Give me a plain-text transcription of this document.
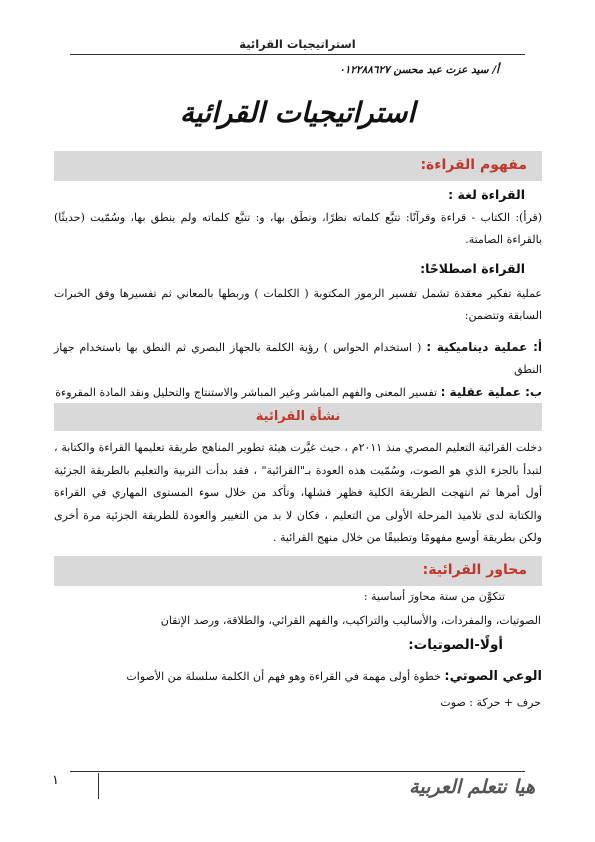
استراتيجيات القرائية
أ/ سيد عزت عبد محسن ٠١٢٢٨٨٦٢٧
استراتيجيات القرائية
مفهوم القراءة:
القراءة لغة :
(قرأ): الكتاب - قراءة وقرآنًا: تتبَّع كلماته نظرًا، ونطَق بها، و: تتبَّع كلماته ولم ينطق بها، وسُمّيت (حديثًا) بالقراءة الصامتة.
القراءة اصطلاحًا:
عملية تفكير معقدة تشمل تفسير الرموز المكتوبة ( الكلمات ) وربطها بالمعاني ثم تفسيرها وفق الخبرات السابقة وتتضمن:
أ: عملية ديناميكية : ( استخدام الحواس ) رؤية الكلمة بالجهاز البصري ثم النطق بها باستخدام جهاز النطق
ب: عملية عقلية : تفسير المعنى والفهم المباشر وغير المباشر والاستنتاج والتحليل ونقد المادة المقروءة
نشأة القرائية
دخلت القرائية التعليم المصري منذ ٢٠١١م ، حيث غيَّرت هيئة تطوير المناهج طريقة تعليمها القراءة والكتابة ، لتبدأ بالجزء الذي هو الصوت، وسُمّيت هذه العودة بـ"القرائية" ، فقد بدأت التربية والتعليم بالطريقة الجزئية أول أمرها ثم انتهجت الطريقة الكلية فظهر فشلها، وتأكد من خلال سوء المستوى المهاري في القراءة والكتابة لدى تلاميذ المرحلة الأولى من التعليم ، فكان لا بد من التغيير والعودة للطريقة الجزئية مرة أخرى ولكن بطريقة أوسع مفهومًا وتطبيقًا من خلال منهج القرائية .
محاور القرائية:
تتكوَّن من ستة محاورَ أساسية :
الصوتيات، والمفردات، والأساليب والتراكيب، والفهم القرائي، والطلاقة، ورصد الإتقان
أولًا-الصوتيات:
الوعي الصوتي: خطوة أولى مهمة في القراءة وهو فهم أن الكلمة سلسلة من الأصوات
حرف + حركة : صوت
١	هيا نتعلم العربية
